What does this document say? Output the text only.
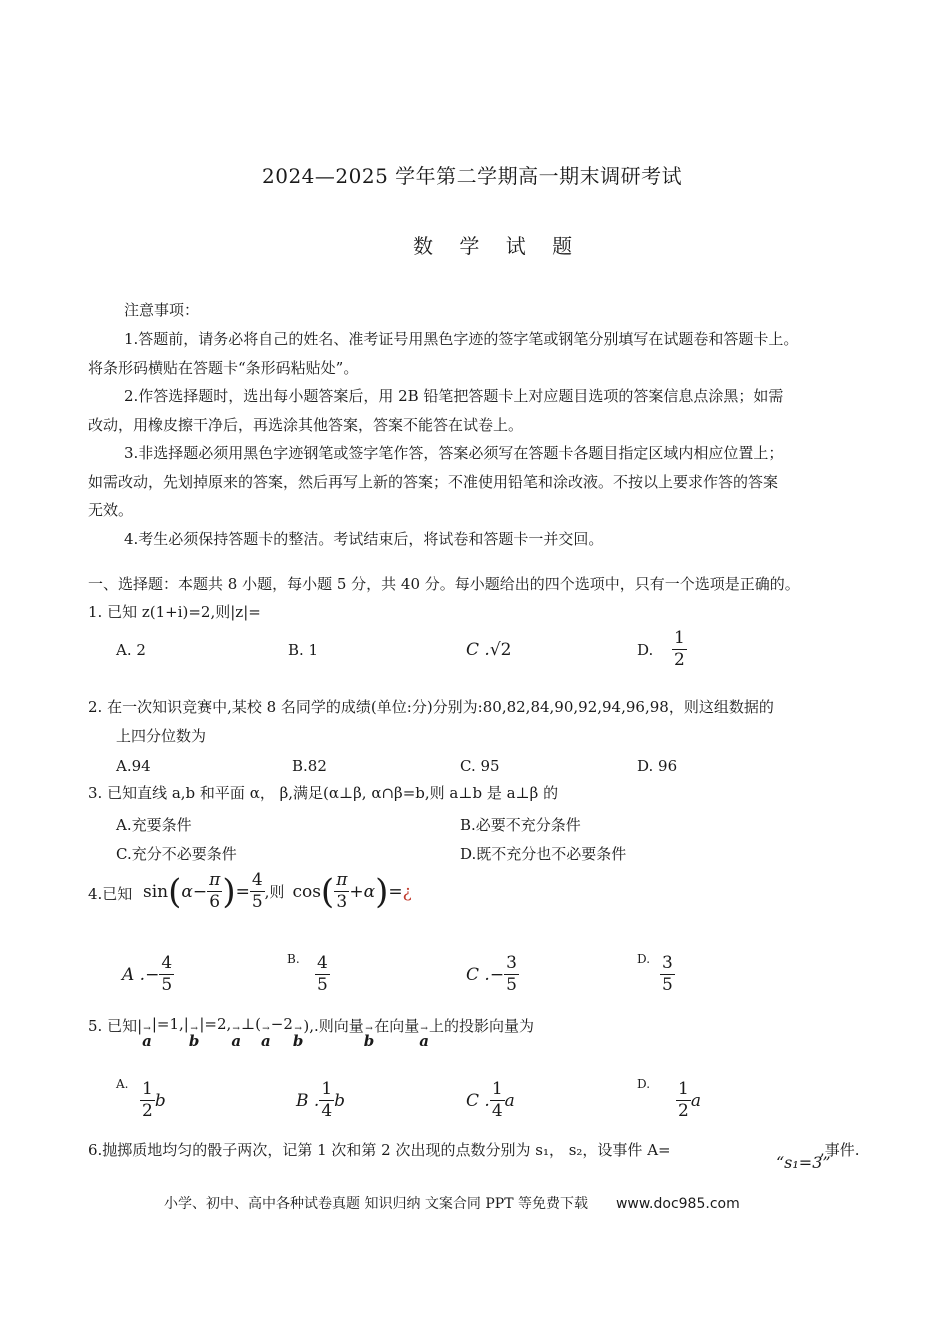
2024—2025 学年第二学期高一期末调研考试
数 学 试 题
注意事项：
1.答题前，请务必将自己的姓名、准考证号用黑色字迹的签字笔或钢笔分别填写在试题卷和答题卡上。
将条形码横贴在答题卡“条形码粘贴处”。
2.作答选择题时，选出每小题答案后，用 2B 铅笔把答题卡上对应题目选项的答案信息点涂黑；如需
改动，用橡皮擦干净后，再选涂其他答案，答案不能答在试卷上。
3.非选择题必须用黑色字迹钢笔或签字笔作答，答案必须写在答题卡各题目指定区域内相应位置上；
如需改动，先划掉原来的答案，然后再写上新的答案；不准使用铅笔和涂改液。不按以上要求作答的答案
无效。
4.考生必须保持答题卡的整洁。考试结束后，将试卷和答题卡一并交回。
一、选择题：本题共 8 小题，每小题 5 分，共 40 分。每小题给出的四个选项中，只有一个选项是正确的。
1. 已知 z(1+i)=2,则|z|=
A. 2	B. 1	C .√2	D. $\frac{1}{2}$
2. 在一次知识竞赛中,某校 8 名同学的成绩(单位:分)分别为:80,82,84,90,92,94,96,98，则这组数据的
上四分位数为
A.94	B.82	C. 95	D. 96
3. 已知直线 a,b 和平面 α， β,满足(α⊥β, α∩β=b,则 a⊥b 是 a⊥β 的
A.充要条件	B.必要不充分条件
C.充分不必要条件	D.既不充分也不必要条件
4.已知 sin ( $\alpha- \frac{\pi}{6}$ ) = $\frac{4}{5}$ ,则 cos ( $\frac{\pi}{3} +\alpha$ ) = ¿
A .− $\frac{4}{5}$	B. $\frac{4}{5}$	C .− $\frac{3}{5}$	D. $\frac{3}{5}$
5. 已知| →
a
|=1,| →
b
|=2, →
a
⊥( →
a
−2 →
b
),.则向量 →
b
在向量 →
a
上的投影向量为
A. $\frac{1}{2}$ b	B . $\frac{1}{4}$ b	C . $\frac{1}{4}$ a
D. $\frac{1}{2}$ a
6.抛掷质地均匀的骰子两次，记第 1 次和第 2 次出现的点数分别为 s₁， s₂，设事件 A=
“s₁=3”
,事件.
小学、初中、高中各种试卷真题 知识归纳 文案合同 PPT 等免费下载 www.doc985.com
